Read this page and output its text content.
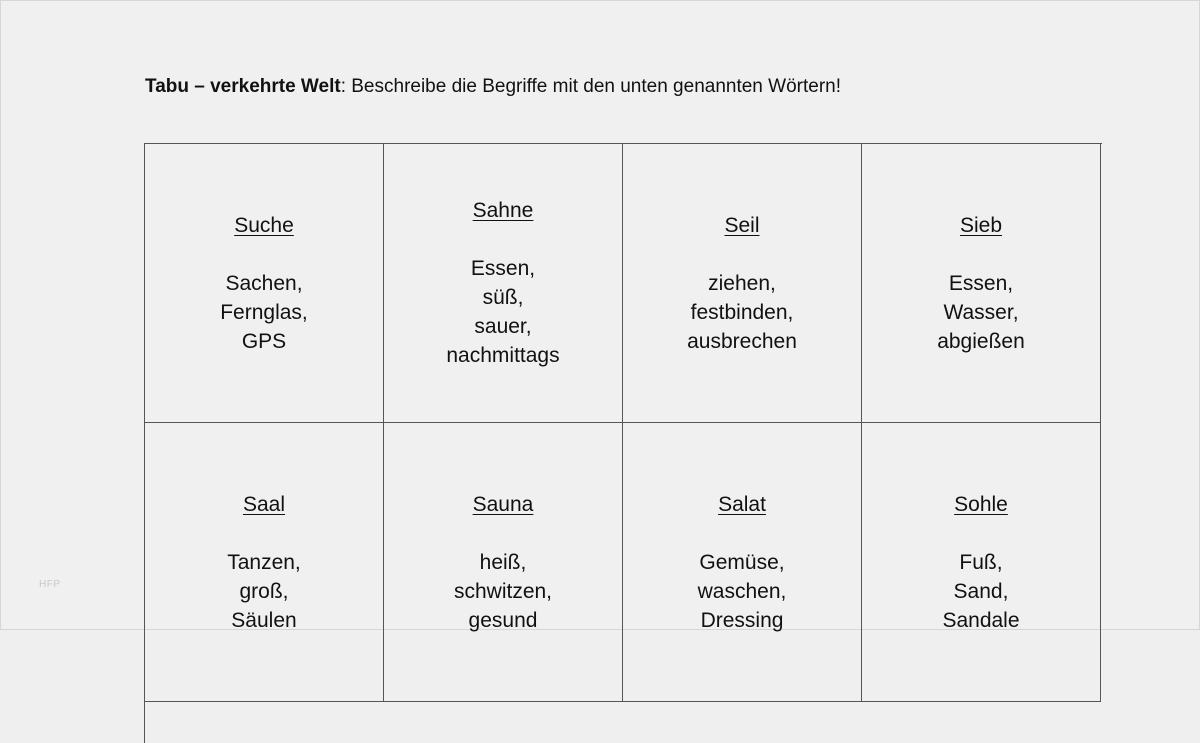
Tabu – verkehrte Welt: Beschreibe die Begriffe mit den unten genannten Wörtern!
Suche
Sachen,
Fernglas,
GPS
Sahne
Essen,
süß,
sauer,
nachmittags
Seil
ziehen,
festbinden,
ausbrechen
Sieb
Essen,
Wasser,
abgießen
Saal
Tanzen,
groß,
Säulen
Sauna
heiß,
schwitzen,
gesund
Salat
Gemüse,
waschen,
Dressing
Sohle
Fuß,
Sand,
Sandale
HFP
